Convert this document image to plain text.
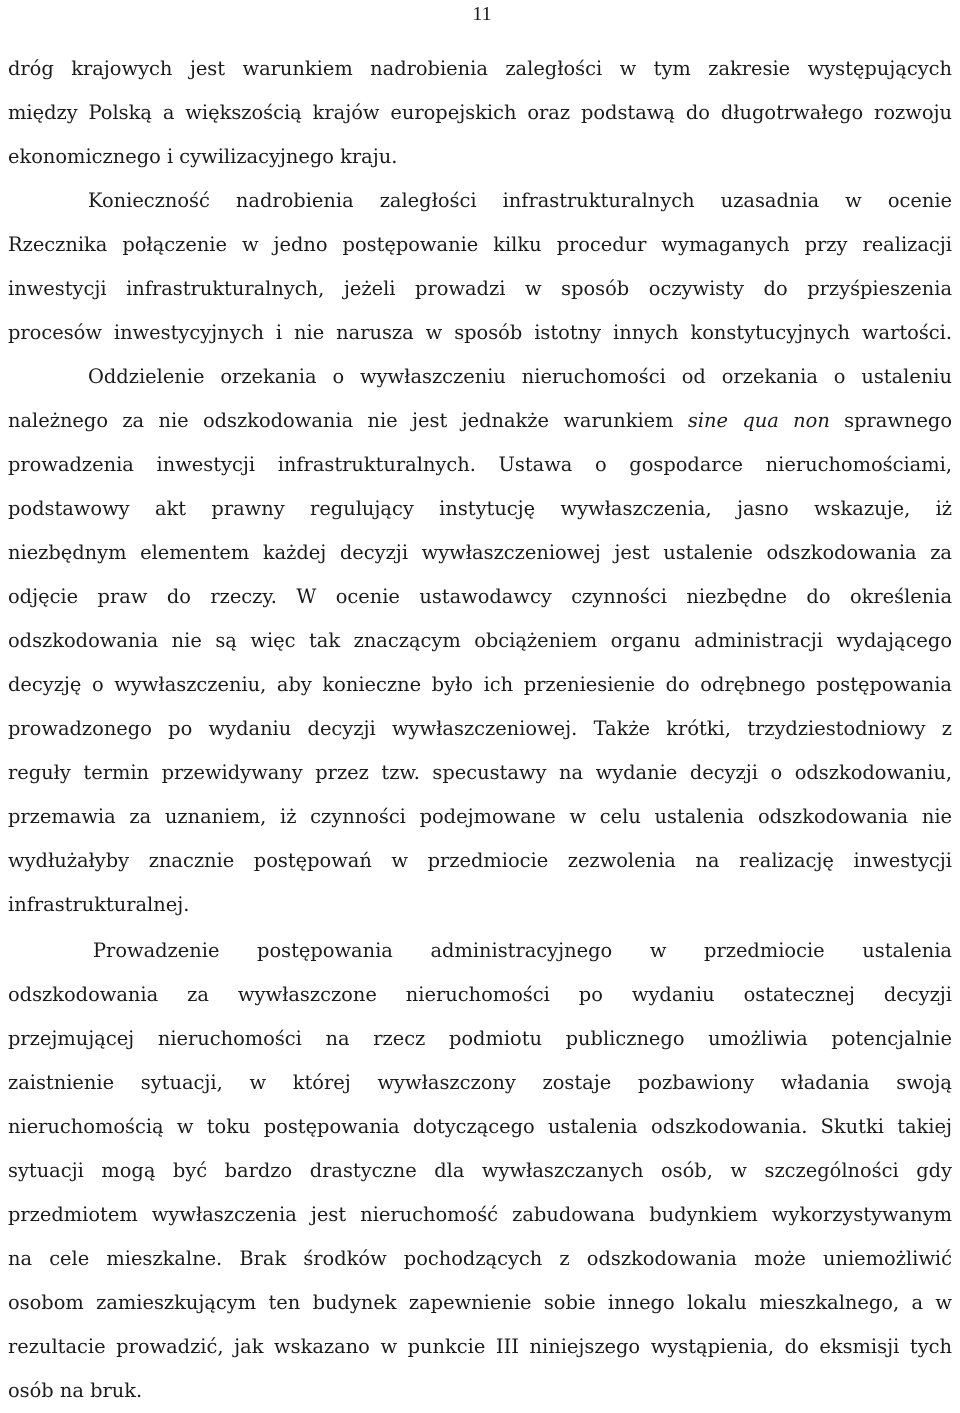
11
dróg krajowych jest warunkiem nadrobienia zaległości w tym zakresie występujących
między Polską a większością krajów europejskich oraz podstawą do długotrwałego rozwoju
ekonomicznego i cywilizacyjnego kraju.
Konieczność nadrobienia zaległości infrastrukturalnych uzasadnia w ocenie
Rzecznika połączenie w jedno postępowanie kilku procedur wymaganych przy realizacji
inwestycji infrastrukturalnych, jeżeli prowadzi w sposób oczywisty do przyśpieszenia
procesów inwestycyjnych i nie narusza w sposób istotny innych konstytucyjnych wartości.
Oddzielenie orzekania o wywłaszczeniu nieruchomości od orzekania o ustaleniu
należnego za nie odszkodowania nie jest jednakże warunkiem sine qua non sprawnego
prowadzenia inwestycji infrastrukturalnych. Ustawa o gospodarce nieruchomościami,
podstawowy akt prawny regulujący instytucję wywłaszczenia, jasno wskazuje, iż
niezbędnym elementem każdej decyzji wywłaszczeniowej jest ustalenie odszkodowania za
odjęcie praw do rzeczy. W ocenie ustawodawcy czynności niezbędne do określenia
odszkodowania nie są więc tak znaczącym obciążeniem organu administracji wydającego
decyzję o wywłaszczeniu, aby konieczne było ich przeniesienie do odrębnego postępowania
prowadzonego po wydaniu decyzji wywłaszczeniowej. Także krótki, trzydziestodniowy z
reguły termin przewidywany przez tzw. specustawy na wydanie decyzji o odszkodowaniu,
przemawia za uznaniem, iż czynności podejmowane w celu ustalenia odszkodowania nie
wydłużałyby znacznie postępowań w przedmiocie zezwolenia na realizację inwestycji
infrastrukturalnej.
Prowadzenie postępowania administracyjnego w przedmiocie ustalenia
odszkodowania za wywłaszczone nieruchomości po wydaniu ostatecznej decyzji
przejmującej nieruchomości na rzecz podmiotu publicznego umożliwia potencjalnie
zaistnienie sytuacji, w której wywłaszczony zostaje pozbawiony władania swoją
nieruchomością w toku postępowania dotyczącego ustalenia odszkodowania. Skutki takiej
sytuacji mogą być bardzo drastyczne dla wywłaszczanych osób, w szczególności gdy
przedmiotem wywłaszczenia jest nieruchomość zabudowana budynkiem wykorzystywanym
na cele mieszkalne. Brak środków pochodzących z odszkodowania może uniemożliwić
osobom zamieszkującym ten budynek zapewnienie sobie innego lokalu mieszkalnego, a w
rezultacie prowadzić, jak wskazano w punkcie III niniejszego wystąpienia, do eksmisji tych
osób na bruk.
